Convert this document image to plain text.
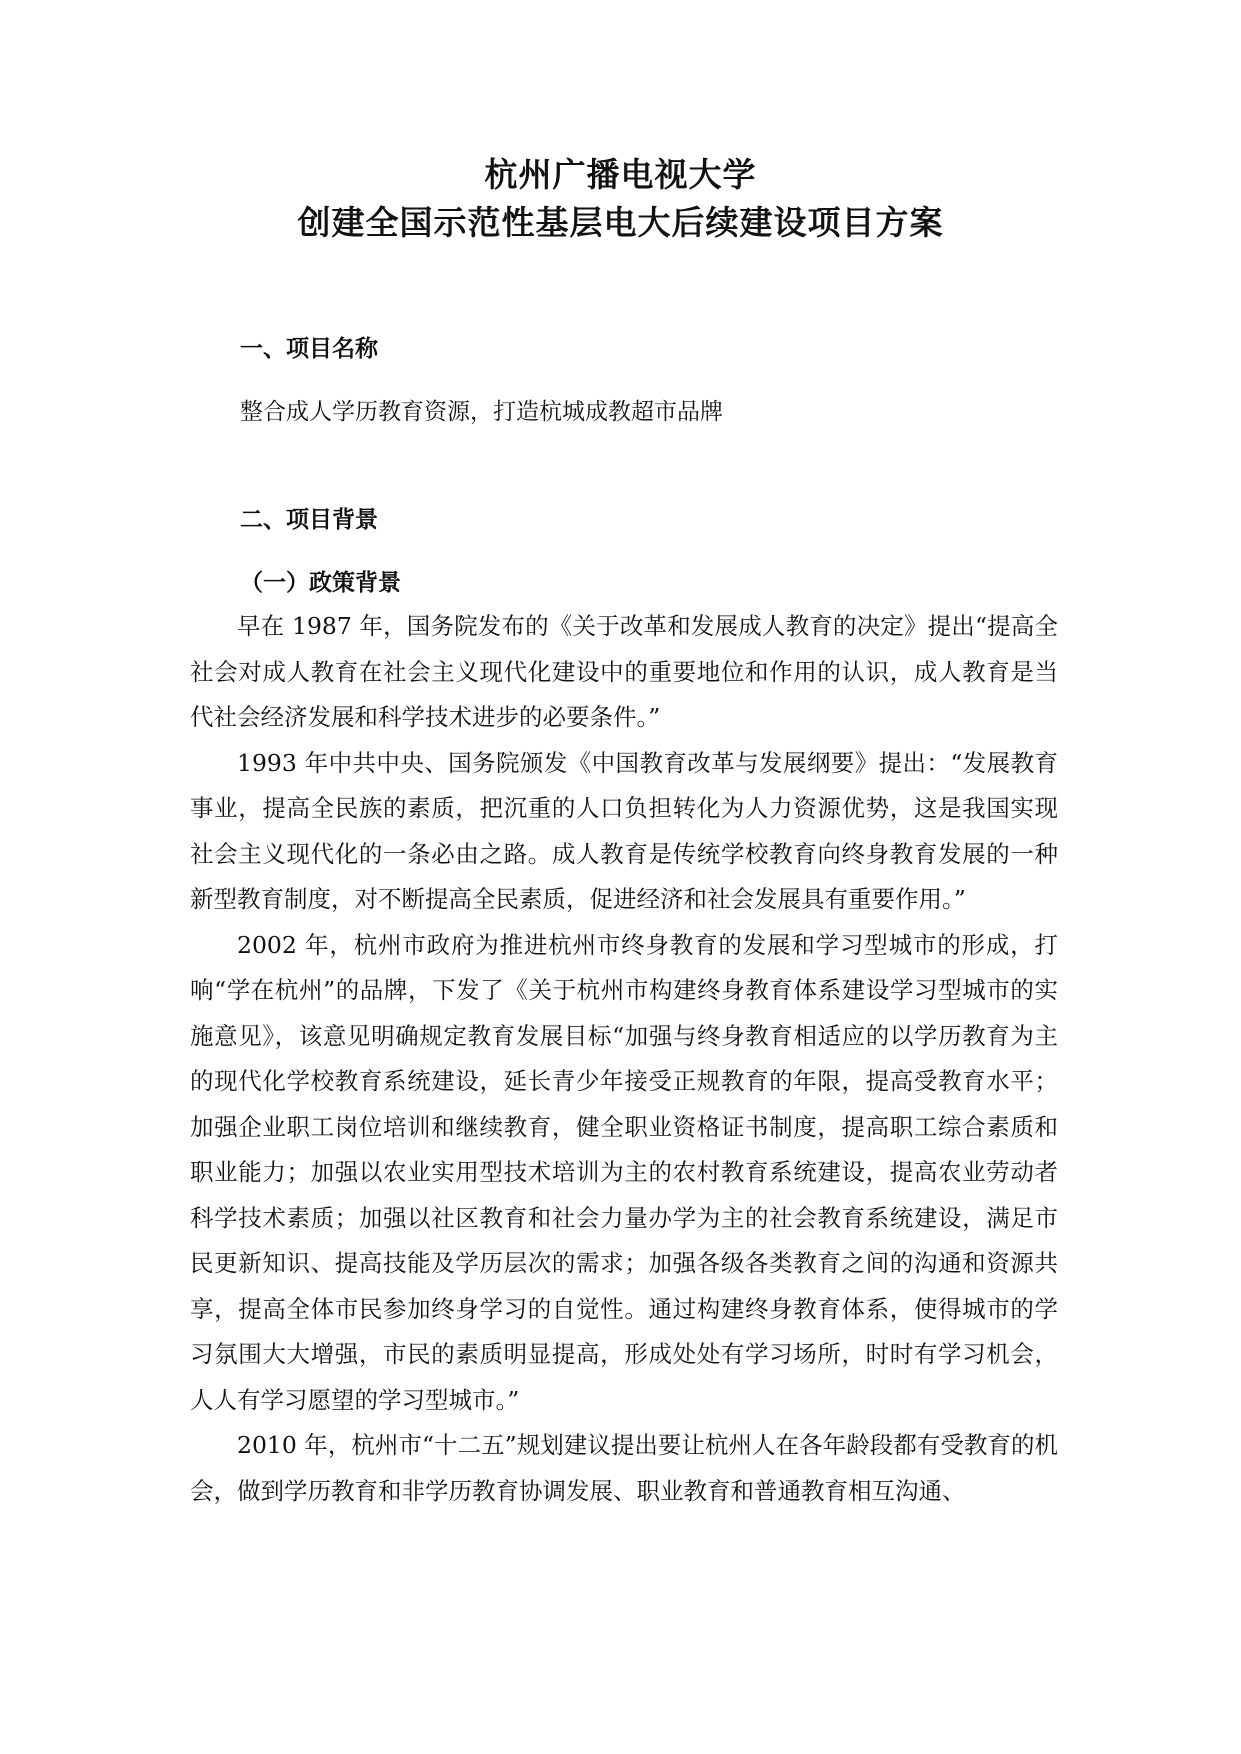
杭州广播电视大学
创建全国示范性基层电大后续建设项目方案
一、项目名称

整合成人学历教育资源，打造杭城成教超市品牌

二、项目背景
（一）政策背景

早在 1987 年，国务院发布的《关于改革和发展成人教育的决定》提出“提高全社会对成人教育在社会主义现代化建设中的重要地位和作用的认识，成人教育是当代社会经济发展和科学技术进步的必要条件。”

1993 年中共中央、国务院颁发《中国教育改革与发展纲要》提出：“发展教育事业，提高全民族的素质，把沉重的人口负担转化为人力资源优势，这是我国实现社会主义现代化的一条必由之路。成人教育是传统学校教育向终身教育发展的一种新型教育制度，对不断提高全民素质，促进经济和社会发展具有重要作用。”

2002 年，杭州市政府为推进杭州市终身教育的发展和学习型城市的形成，打响“学在杭州”的品牌，下发了《关于杭州市构建终身教育体系建设学习型城市的实施意见》，该意见明确规定教育发展目标“加强与终身教育相适应的以学历教育为主的现代化学校教育系统建设，延长青少年接受正规教育的年限，提高受教育水平；加强企业职工岗位培训和继续教育，健全职业资格证书制度，提高职工综合素质和职业能力；加强以农业实用型技术培训为主的农村教育系统建设，提高农业劳动者科学技术素质；加强以社区教育和社会力量办学为主的社会教育系统建设，满足市民更新知识、提高技能及学历层次的需求；加强各级各类教育之间的沟通和资源共享，提高全体市民参加终身学习的自觉性。通过构建终身教育体系，使得城市的学习氛围大大增强，市民的素质明显提高，形成处处有学习场所，时时有学习机会，人人有学习愿望的学习型城市。”

2010 年，杭州市“十二五”规划建议提出要让杭州人在各年龄段都有受教育的机会，做到学历教育和非学历教育协调发展、职业教育和普通教育相互沟通、
